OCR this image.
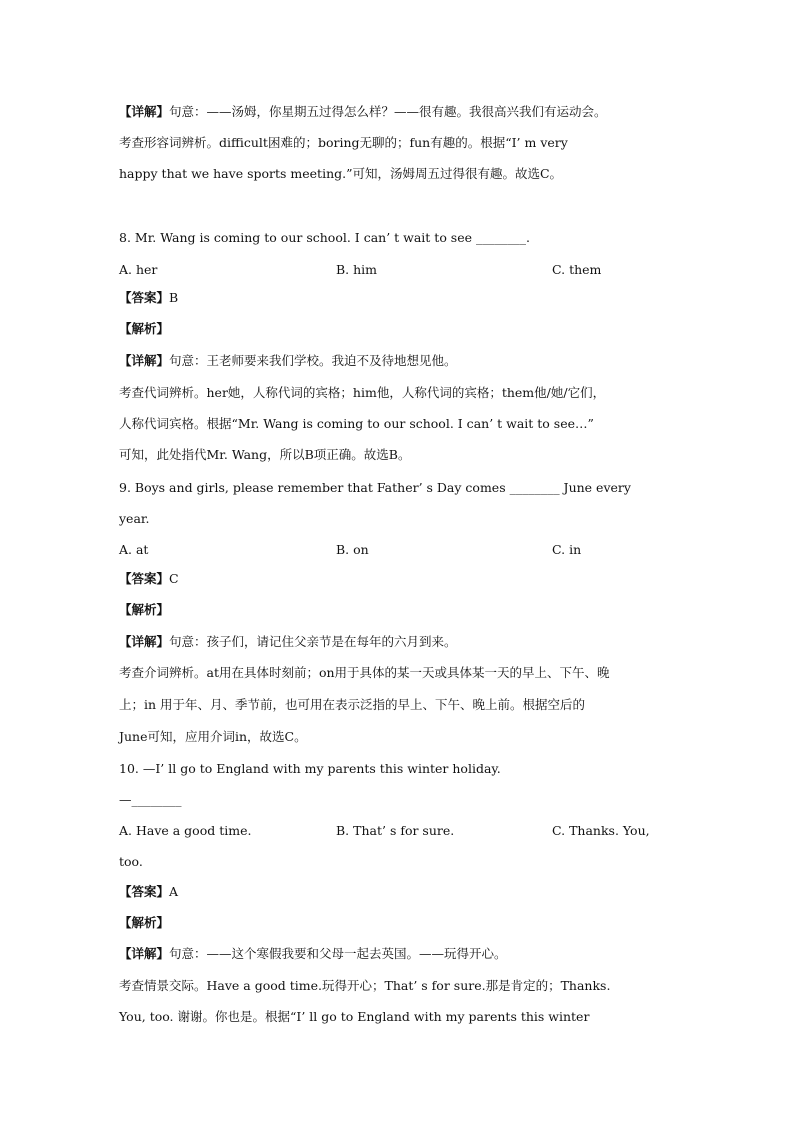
【详解】句意：——汤姆，你星期五过得怎么样？——很有趣。我很高兴我们有运动会。
考查形容词辨析。difficult困难的；boring无聊的；fun有趣的。根据“I’ m very
happy that we have sports meeting.”可知，汤姆周五过得很有趣。故选C。
8. Mr. Wang is coming to our school. I can’ t wait to see ________.
A. her	B. him	C. them
【答案】B
【解析】
【详解】句意：王老师要来我们学校。我迫不及待地想见他。
考查代词辨析。her她，人称代词的宾格；him他，人称代词的宾格；them他/她/它们，
人称代词宾格。根据“Mr. Wang is coming to our school. I can’ t wait to see…”
可知，此处指代Mr. Wang，所以B项正确。故选B。
9. Boys and girls, please remember that Father’ s Day comes ________ June every
year.
A. at	B. on	C. in
【答案】C
【解析】
【详解】句意：孩子们，请记住父亲节是在每年的六月到来。
考查介词辨析。at用在具体时刻前；on用于具体的某一天或具体某一天的早上、下午、晚
上；in 用于年、月、季节前，也可用在表示泛指的早上、下午、晚上前。根据空后的
June可知，应用介词in，故选C。
10. —I’ ll go to England with my parents this winter holiday.
—________
A. Have a good time.	B. That’ s for sure.	C. Thanks. You,
too.
【答案】A
【解析】
【详解】句意：——这个寒假我要和父母一起去英国。——玩得开心。
考查情景交际。Have a good time.玩得开心；That’ s for sure.那是肯定的；Thanks.
You, too. 谢谢。你也是。根据“I’ ll go to England with my parents this winter
